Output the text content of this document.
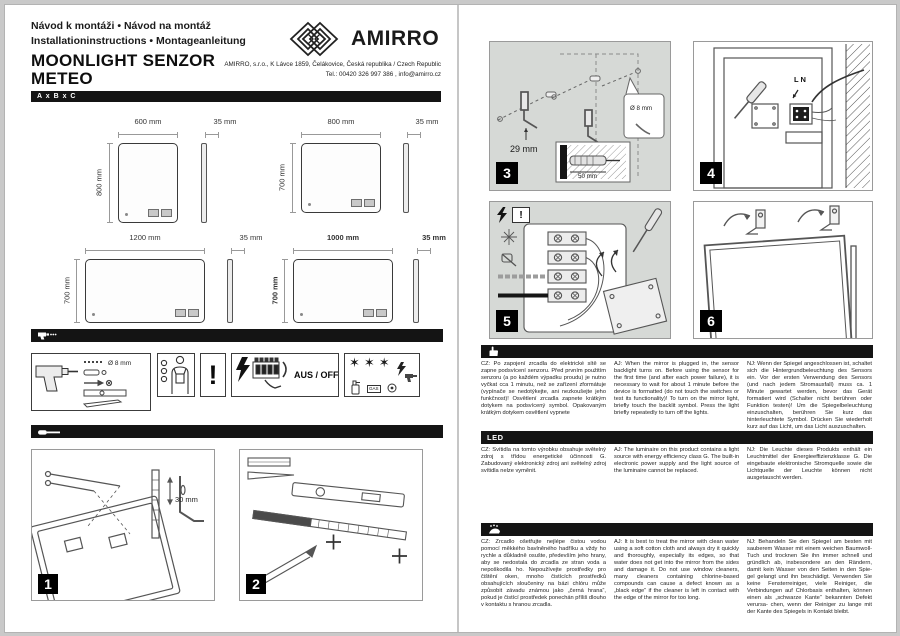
Návod k montáži • Návod na montáž
Installationinstructions • Montageanleitung
MOONLIGHT SENZOR
METEO
AMIRRO, s.r.o., K Lávce 1859, Čelákovice, Česká republika / Czech Republic
Tel.: 00420 326 997 386 , info@amirro.cz
AMIRRO
A x B x C
600 mm
800 mm
35 mm	800 mm
700 mm
35 mm
1200 mm
700 mm
35 mm	1000 mm
700 mm
35 mm
Ø 8 mm	!	AUS / OFF
✶✶✶
GAS
30 mm
1	2
29 mm
Ø 8 mm
50 mm
3
L N
4
!
5	6
CZ: Po zapojení zrcadla do elektrické sítě se zapne podsvícení senzoru. Před prvním použitím senzoru (a po každém výpadku proudu) je nutno vyčkat cca 1 minutu, než se zařízení zformátuje (vypínače se nedotýkejte, ani nezkoušejte jeho funkčnost)! Osvětlení zrcadla zapnete krátkým dotykem na podsvícený symbol. Opakovaným krátkým dotykem osvětlení vypnete
AJ: When the mirror is plugged in, the sensor backlight turns on. Before using the sensor for the first time (and after each power failure), it is necessary to wait for about 1 minute before the device is formatted (do not touch the switches or test its functionality)! To turn on the mirror light, briefly touch the backlit symbol. Press the light briefly repeatedly to turn off the lights.
NJ: Wenn der Spiegel angeschlossen ist, schaltet sich die Hintergrundbeleuchtung des Sensors ein. Vor der ersten Verwendung des Sensors (und nach jedem Stromausfall) muss ca. 1 Minute gewartet werden, bevor das Gerät formatiert wird (Schalter nicht berühren oder Funktion testen)! Um die Spiegelbeleuchtung einzuschalten, berühren Sie kurz das hinterleuchtete Symbol. Drücken Sie wiederholt kurz auf das Licht, um das Licht auszuschalten.
LED
CZ: Svítidla na tomto výrobku obsahuje světelný zdroj s třídou energetické účinnosti G. Zabudovaný elektronický zdroj ani světelný zdroj svítidla nelze vyměnit.
AJ: The luminaire on this product contains a light source with energy efficiency class G. The built-in electronic power supply and the light source of the luminaire cannot be replaced.
NJ: Die Leuchte dieses Produkts enthält ein Leuchtmittel der Energieeffizienzklasse G. Die eingebaute elektronische Stromquelle sowie die Lichtquelle der Leuchte können nicht ausgetauscht werden.
CZ: Zrcadlo ošetřujte nejlépe čistou vodou pomocí měkkého bavlněného hadříku a vždy ho rychle a důkladně osušte, především jeho hrany, aby se nedostala do zrcadla ze stran voda a nepoškodila ho. Nepoužívejte prostředky pro čištění oken, mnoho čistících prostředků obsahujících sloučeniny na bázi chlóru může způsobit závadu známou jako „černá hrana“, pokud je čistící prostředek ponechán příliš dlouho v kontaktu s hranou zrcadla.
AJ: It is best to treat the mirror with clean water using a soft cotton cloth and always dry it quickly and thoroughly, especially its edges, so that water does not get into the mirror from the sides and damage it. Do not use window cleaners, many cleaners containing chlorine-based compounds can cause a defect known as a „black edge“ if the cleaner is left in contact with the edge of the mirror for too long.
NJ: Behandeln Sie den Spiegel am besten mit sauberem Wasser mit einem weichen Baumwoll-Tuch und trocknen Sie ihn immer schnell und gründlich ab, insbesondere an den Rändern, damit kein Wasser von den Seiten in den Spie- gel gelangt und ihn beschädigt. Verwenden Sie keine Fensterreiniger, viele Reiniger, die Verbindungen auf Chlorbasis enthalten, können einen als „schwarze Kante“ bekannten Defekt verursa- chen, wenn der Reiniger zu lange mit der Kante des Spiegels in Kontakt bleibt.
